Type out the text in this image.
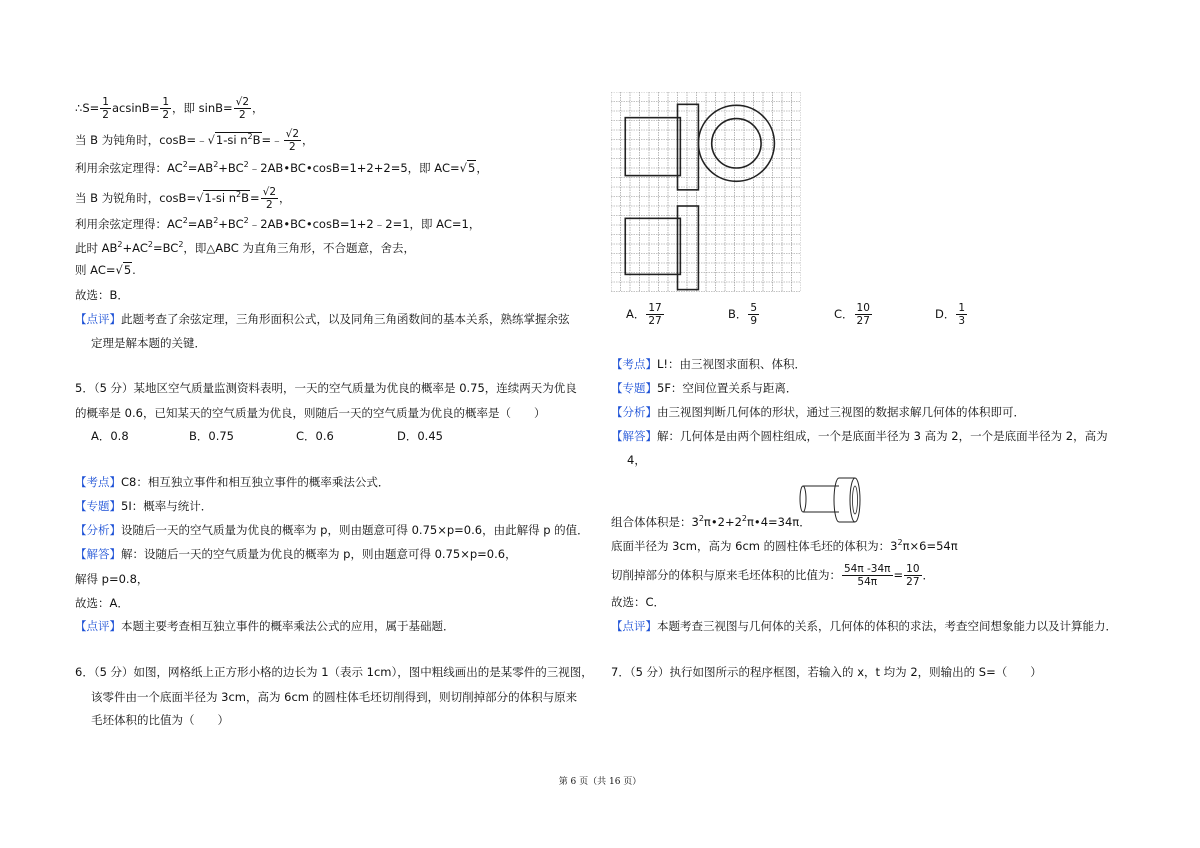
∴S= $\frac{1}{2} acsinB= \frac{1}{2}$ ，即 $\sin B= \frac{√2}{2}$ ，
当 B 为钝角时，cosB=﹣√1-si $n^2B=﹣ \frac{√2}{2}$ ，
利用余弦定理得：$AC^2=AB^2+BC^2﹣2AB•BC•\cos B=1+2+2=5$，即 AC=√5，
当 B 为锐角时，cosB=√1-si $n^2B= \frac{√2}{2}$ ，
利用余弦定理得：$AC^2=AB^2+BC^2﹣2AB•BC•\cos B=1+2﹣2=1$，即 AC=1，
此时 $AB^2+AC^2=BC^2$，即△ABC 为直角三角形，不合题意，舍去，
则 AC=√5.
故选：B．
【点评】此题考查了余弦定理，三角形面积公式，以及同角三角函数间的基本关系，熟练掌握余弦
定理是解本题的关键．
5．（5 分）某地区空气质量监测资料表明，一天的空气质量为优良的概率是 0.75，连续两天为优良
的概率是 0.6，已知某天的空气质量为优良，则随后一天的空气质量为优良的概率是（　　）
A．0.8	B．0.75	C．0.6	D．0.45
【考点】C8：相互独立事件和相互独立事件的概率乘法公式．
【专题】5I：概率与统计．
【分析】设随后一天的空气质量为优良的概率为 p，则由题意可得 0.75×p=0.6，由此解得 p 的值．
【解答】解：设随后一天的空气质量为优良的概率为 p，则由题意可得 0.75×p=0.6，
解得 p=0.8，
故选：A．
【点评】本题主要考查相互独立事件的概率乘法公式的应用，属于基础题．
6．（5 分）如图，网格纸上正方形小格的边长为 1（表示 1cm），图中粗线画出的是某零件的三视图，
该零件由一个底面半径为 3cm，高为 6cm 的圆柱体毛坯切削得到，则切削掉部分的体积与原来
毛坯体积的比值为（　　）
A． $\frac{17}{27}$	B． $\frac{5}{9}$	C． $\frac{10}{27}$	D． $\frac{1}{3}$
【考点】L!：由三视图求面积、体积．
【专题】5F：空间位置关系与距离．
【分析】由三视图判断几何体的形状，通过三视图的数据求解几何体的体积即可．
【解答】解：几何体是由两个圆柱组成，一个是底面半径为 3 高为 2，一个是底面半径为 2，高为
4，
组合体体积是：$3^2\pi•2+2^2\pi•4=34\pi$．
底面半径为 3cm，高为 6cm 的圆柱体毛坯的体积为：$3^2\pi\times 6=54\pi$
切削掉部分的体积与原来毛坯体积的比值为： $\frac{54\pi -34\pi}{54\pi} = \frac{10}{27}$ ．
故选：C．
【点评】本题考查三视图与几何体的关系，几何体的体积的求法，考查空间想象能力以及计算能力．
7．（5 分）执行如图所示的程序框图，若输入的 x，t 均为 2，则输出的 S=（　　）
第 6 页（共 16 页）
